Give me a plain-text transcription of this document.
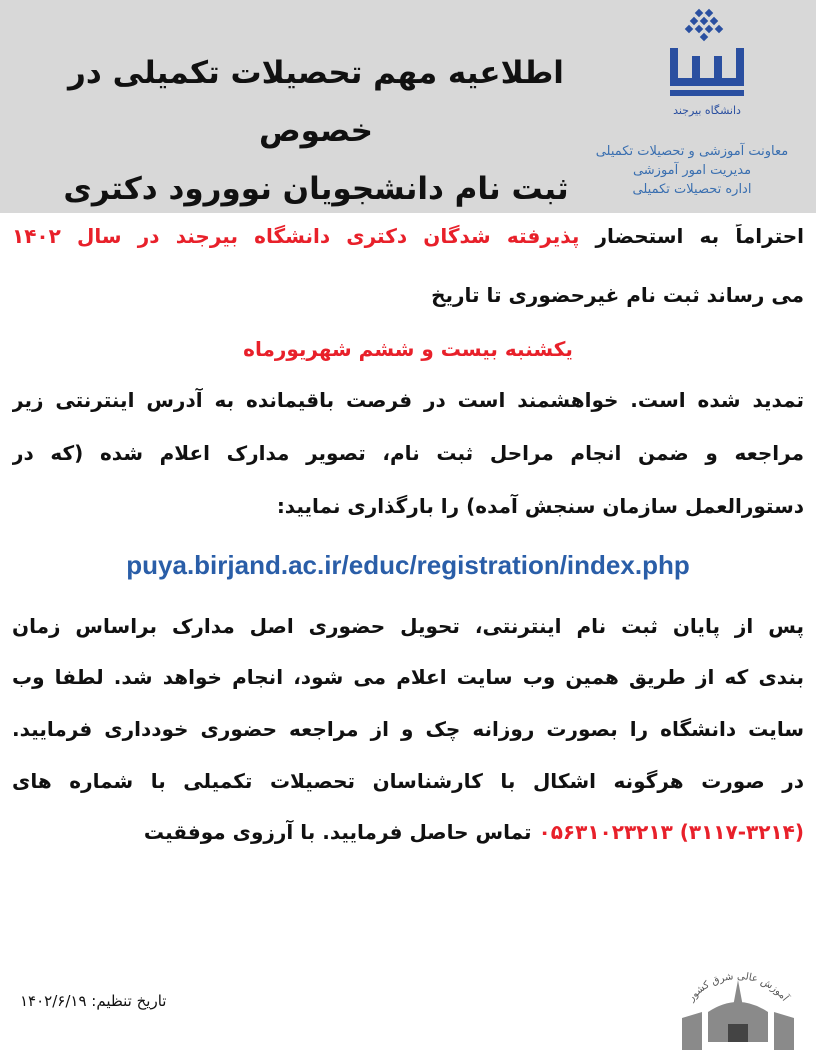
اطلاعیه مهم تحصیلات تکمیلی در خصوص
ثبت نام دانشجویان نوورود دکتری
دانشگاه بیرجند
معاونت آموزشی و تحصیلات تکمیلی
مدیریت امور آموزشی
اداره تحصیلات تکمیلی
احتراماً به استحضار پذیرفته شدگان دکتری دانشگاه بیرجند در سال ۱۴۰۲
می رساند ثبت نام غیرحضوری تا تاریخ
یکشنبه بیست و ششم شهریورماه
تمدید شده است. خواهشمند است در فرصت باقیمانده به آدرس اینترنتی زیر
مراجعه و ضمن انجام مراحل ثبت نام، تصویر مدارک اعلام شده (که در
دستورالعمل سازمان سنجش آمده) را بارگذاری نمایید:
puya.birjand.ac.ir/educ/registration/index.php
پس از پایان ثبت نام اینترنتی، تحویل حضوری اصل مدارک براساس زمان
بندی که از طریق همین وب سایت اعلام می شود، انجام خواهد شد. لطفا وب
سایت دانشگاه را بصورت روزانه چک و از مراجعه حضوری خودداری فرمایید.
در صورت هرگونه اشکال با کارشناسان تحصیلات تکمیلی با شماره های
(۳۱۱۷-۳۲۱۴) ۰۵۶۳۱۰۲۳۲۱۳ تماس حاصل فرمایید. با آرزوی موفقیت
تاریخ تنظیم: ۱۴۰۲/۶/۱۹	آموزش عالی شرق کشور
